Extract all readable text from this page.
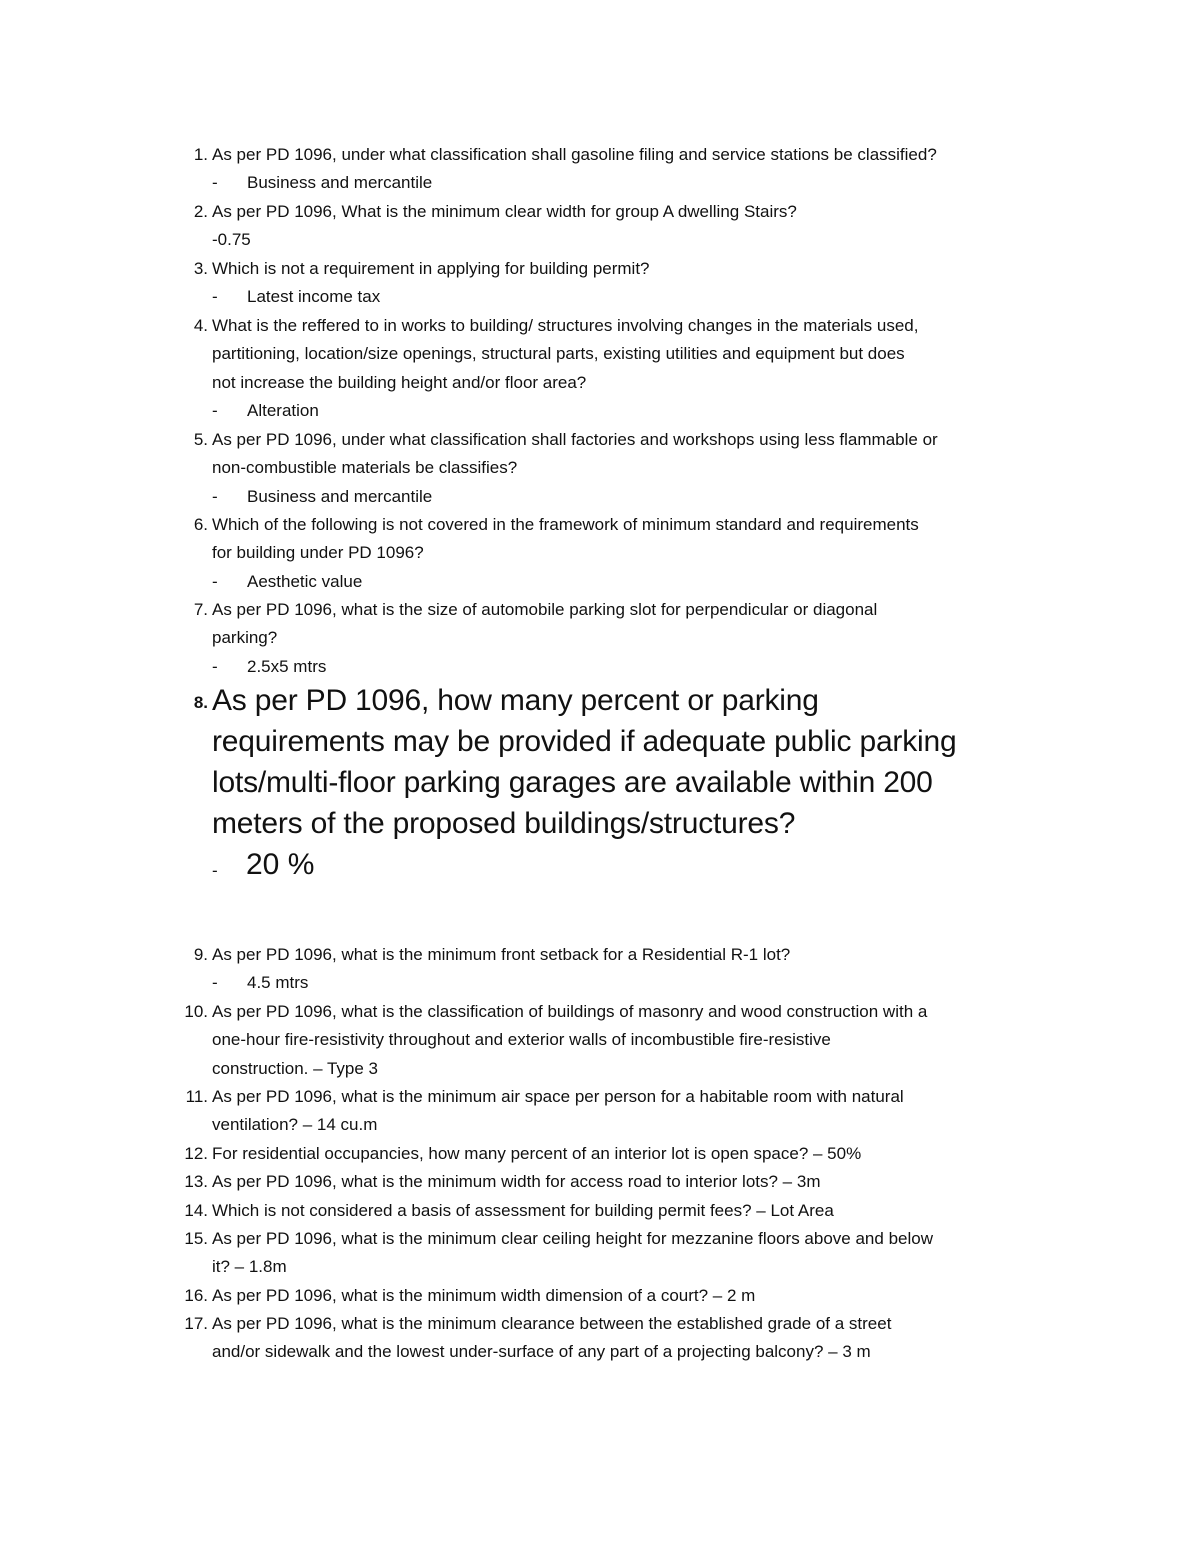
1. As per PD 1096, under what classification shall gasoline filing and service stations be classified?
- Business and mercantile
2. As per PD 1096, What is the minimum clear width for group A dwelling Stairs?
-0.75
3. Which is not a requirement in applying for building permit?
- Latest income tax
4. What is the reffered to in works to building/ structures involving changes in the materials used,
partitioning, location/size openings, structural parts, existing utilities and equipment but does
not increase the building height and/or floor area?
- Alteration
5. As per PD 1096, under what classification shall factories and workshops using less flammable or
non-combustible materials be classifies?
- Business and mercantile
6. Which of the following is not covered in the framework of minimum standard and requirements
for building under PD 1096?
- Aesthetic value
7. As per PD 1096, what is the size of automobile parking slot for perpendicular or diagonal
parking?
- 2.5x5 mtrs
8. As per PD 1096, how many percent or parking
requirements may be provided if adequate public parking
lots/multi-floor parking garages are available within 200
meters of the proposed buildings/structures?
- 20 %
9. As per PD 1096, what is the minimum front setback for a Residential R-1 lot?
- 4.5 mtrs
10. As per PD 1096, what is the classification of buildings of masonry and wood construction with a
one-hour fire-resistivity throughout and exterior walls of incombustible fire-resistive
construction. – Type 3
11. As per PD 1096, what is the minimum air space per person for a habitable room with natural
ventilation? – 14 cu.m
12. For residential occupancies, how many percent of an interior lot is open space? – 50%
13. As per PD 1096, what is the minimum width for access road to interior lots? – 3m
14. Which is not considered a basis of assessment for building permit fees? – Lot Area
15. As per PD 1096, what is the minimum clear ceiling height for mezzanine floors above and below
it? – 1.8m
16. As per PD 1096, what is the minimum width dimension of a court? – 2 m
17. As per PD 1096, what is the minimum clearance between the established grade of a street
and/or sidewalk and the lowest under-surface of any part of a projecting balcony? – 3 m
